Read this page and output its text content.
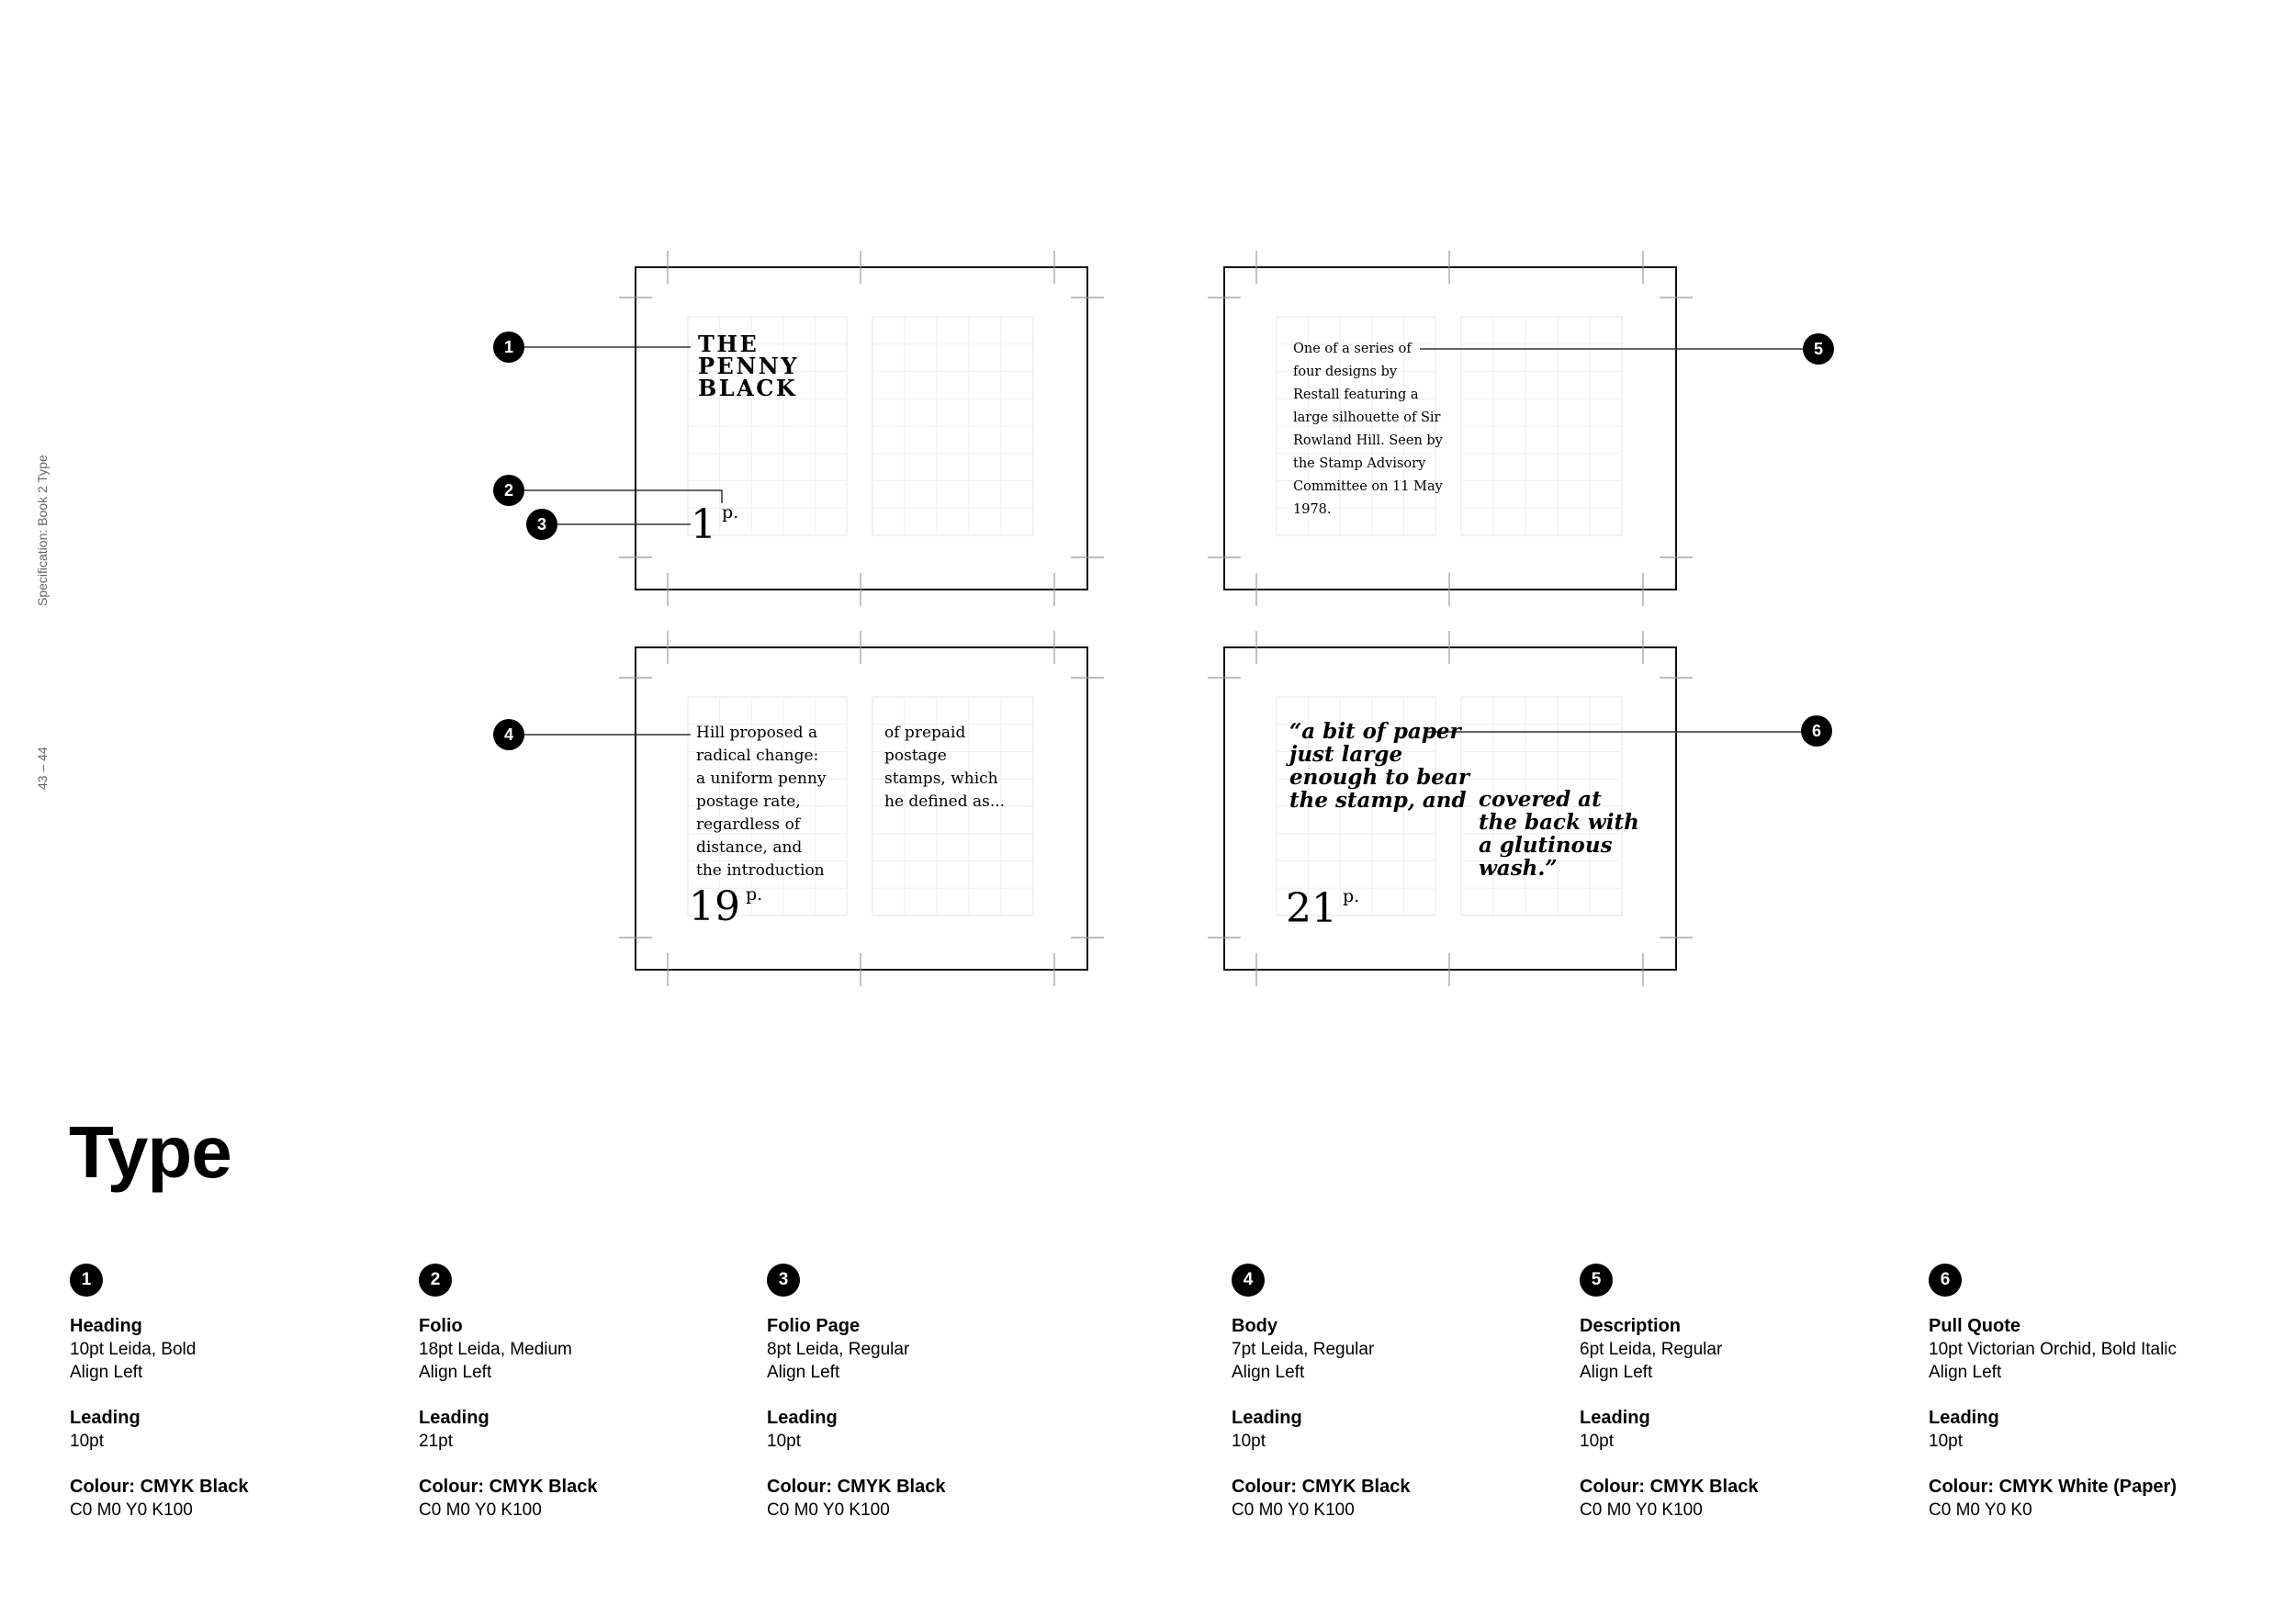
Specification: Book 2 Type
43 – 44
THE
PENNY
BLACK
1 $^{p.}$
One of a series of
four designs by
Restall featuring a
large silhouette of Sir
Rowland Hill. Seen by
the Stamp Advisory
Committee on 11 May
1978.
Hill proposed a
radical change:
a uniform penny
postage rate,
regardless of
distance, and
the introduction
of prepaid
postage
stamps, which
he defined as...
19 $^{p.}$
“a bit of paper
just large
enough to bear
the stamp, and covered at
the back with
a glutinous
wash.”
21 $^{p.}$
1
2
3
4
5
6
Type
1
Heading
10pt Leida, Bold
Align Left
Leading
10pt
Colour: CMYK Black
C0 M0 Y0 K100
2
Folio
18pt Leida, Medium
Align Left
Leading
21pt
Colour: CMYK Black
C0 M0 Y0 K100
3
Folio Page
8pt Leida, Regular
Align Left
Leading
10pt
Colour: CMYK Black
C0 M0 Y0 K100
4
Body
7pt Leida, Regular
Align Left
Leading
10pt
Colour: CMYK Black
C0 M0 Y0 K100
5
Description
6pt Leida, Regular
Align Left
Leading
10pt
Colour: CMYK Black
C0 M0 Y0 K100
6
Pull Quote
10pt Victorian Orchid, Bold Italic
Align Left
Leading
10pt
Colour: CMYK White (Paper)
C0 M0 Y0 K0
